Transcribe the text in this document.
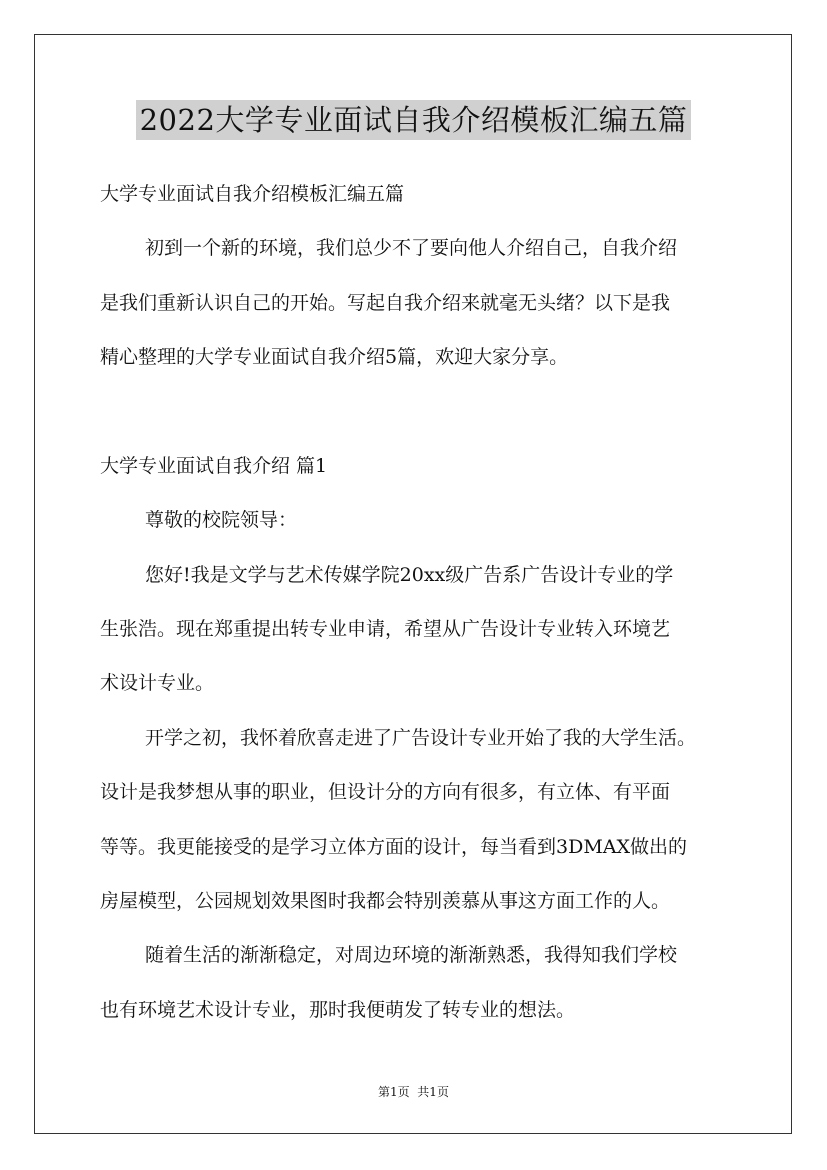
2022大学专业面试自我介绍模板汇编五篇
大学专业面试自我介绍模板汇编五篇
初到一个新的环境，我们总少不了要向他人介绍自己，自我介绍
是我们重新认识自己的开始。写起自我介绍来就毫无头绪？以下是我
精心整理的大学专业面试自我介绍5篇，欢迎大家分享。
大学专业面试自我介绍 篇1
尊敬的校院领导：
您好!我是文学与艺术传媒学院20xx级广告系广告设计专业的学
生张浩。现在郑重提出转专业申请，希望从广告设计专业转入环境艺
术设计专业。
开学之初，我怀着欣喜走进了广告设计专业开始了我的大学生活。
设计是我梦想从事的职业，但设计分的方向有很多，有立体、有平面
等等。我更能接受的是学习立体方面的设计，每当看到3DMAX做出的
房屋模型，公园规划效果图时我都会特别羡慕从事这方面工作的人。
随着生活的渐渐稳定，对周边环境的渐渐熟悉，我得知我们学校
也有环境艺术设计专业，那时我便萌发了转专业的想法。
第1页  共1页
